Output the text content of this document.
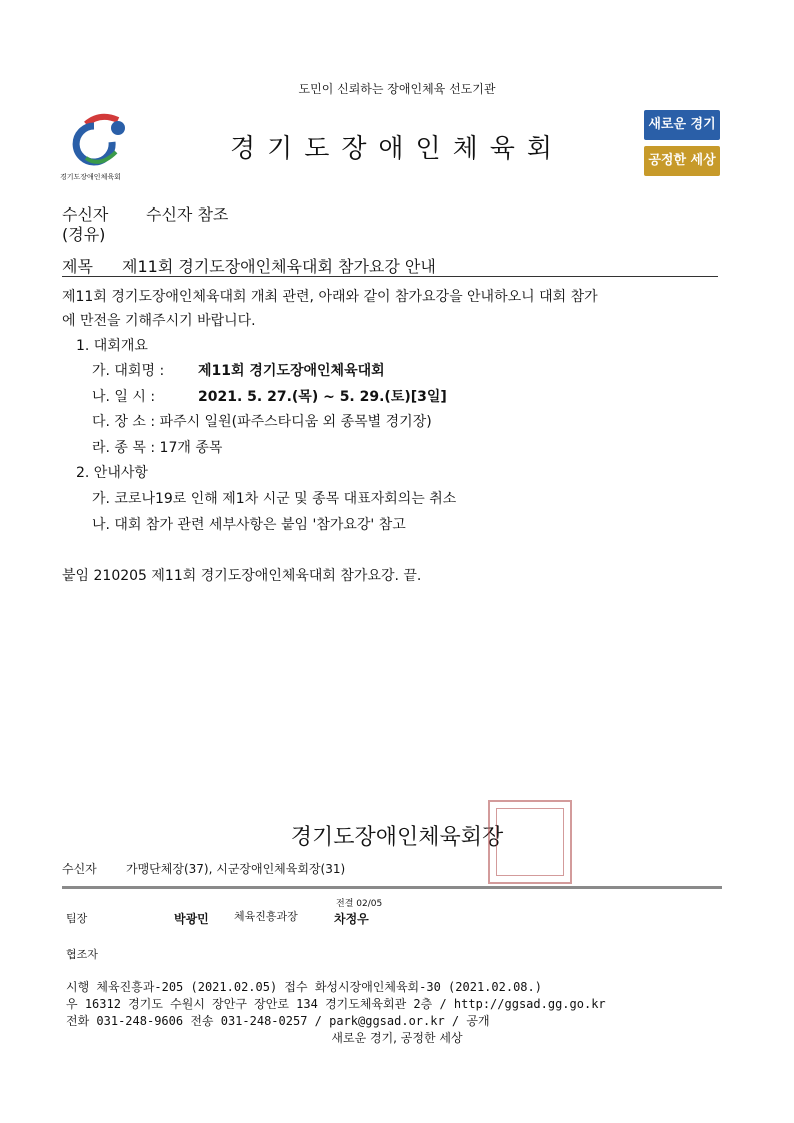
도민이 신뢰하는 장애인체육 선도기관
경기도장애인체육회
경기도장애인체육회
새로운 경기
공정한 세상
수신자 수신자 참조
(경유)
제목 제11회 경기도장애인체육대회 참가요강 안내
제11회 경기도장애인체육대회 개최 관련, 아래와 같이 참가요강을 안내하오니 대회 참가
에 만전을 기해주시기 바랍니다.
1. 대회개요
가. 대회명 : 제11회 경기도장애인체육대회
나. 일 시 :	2021. 5. 27.(목) ~ 5. 29.(토)[3일]
다. 장 소 : 파주시 일원(파주스타디움 외 종목별 경기장)
라. 종 목 : 17개 종목
2. 안내사항
가. 코로나19로 인해 제1차 시군 및 종목 대표자회의는 취소
나. 대회 참가 관련 세부사항은 붙임 '참가요강' 참고
붙임 210205 제11회 경기도장애인체육대회 참가요강. 끝.
경기도장애인체육회장
수신자 가맹단체장(37), 시군장애인체육회장(31)
팀장	박광민 체육진흥과장
전결 02/05
차정우
협조자
시행 체육진흥과-205 (2021.02.05) 접수 화성시장애인체육회-30 (2021.02.08.)
우 16312 경기도 수원시 장안구 장안로 134 경기도체육회관 2층 / http://ggsad.gg.go.kr
전화 031-248-9606 전송 031-248-0257 / park@ggsad.or.kr / 공개
새로운 경기, 공정한 세상
